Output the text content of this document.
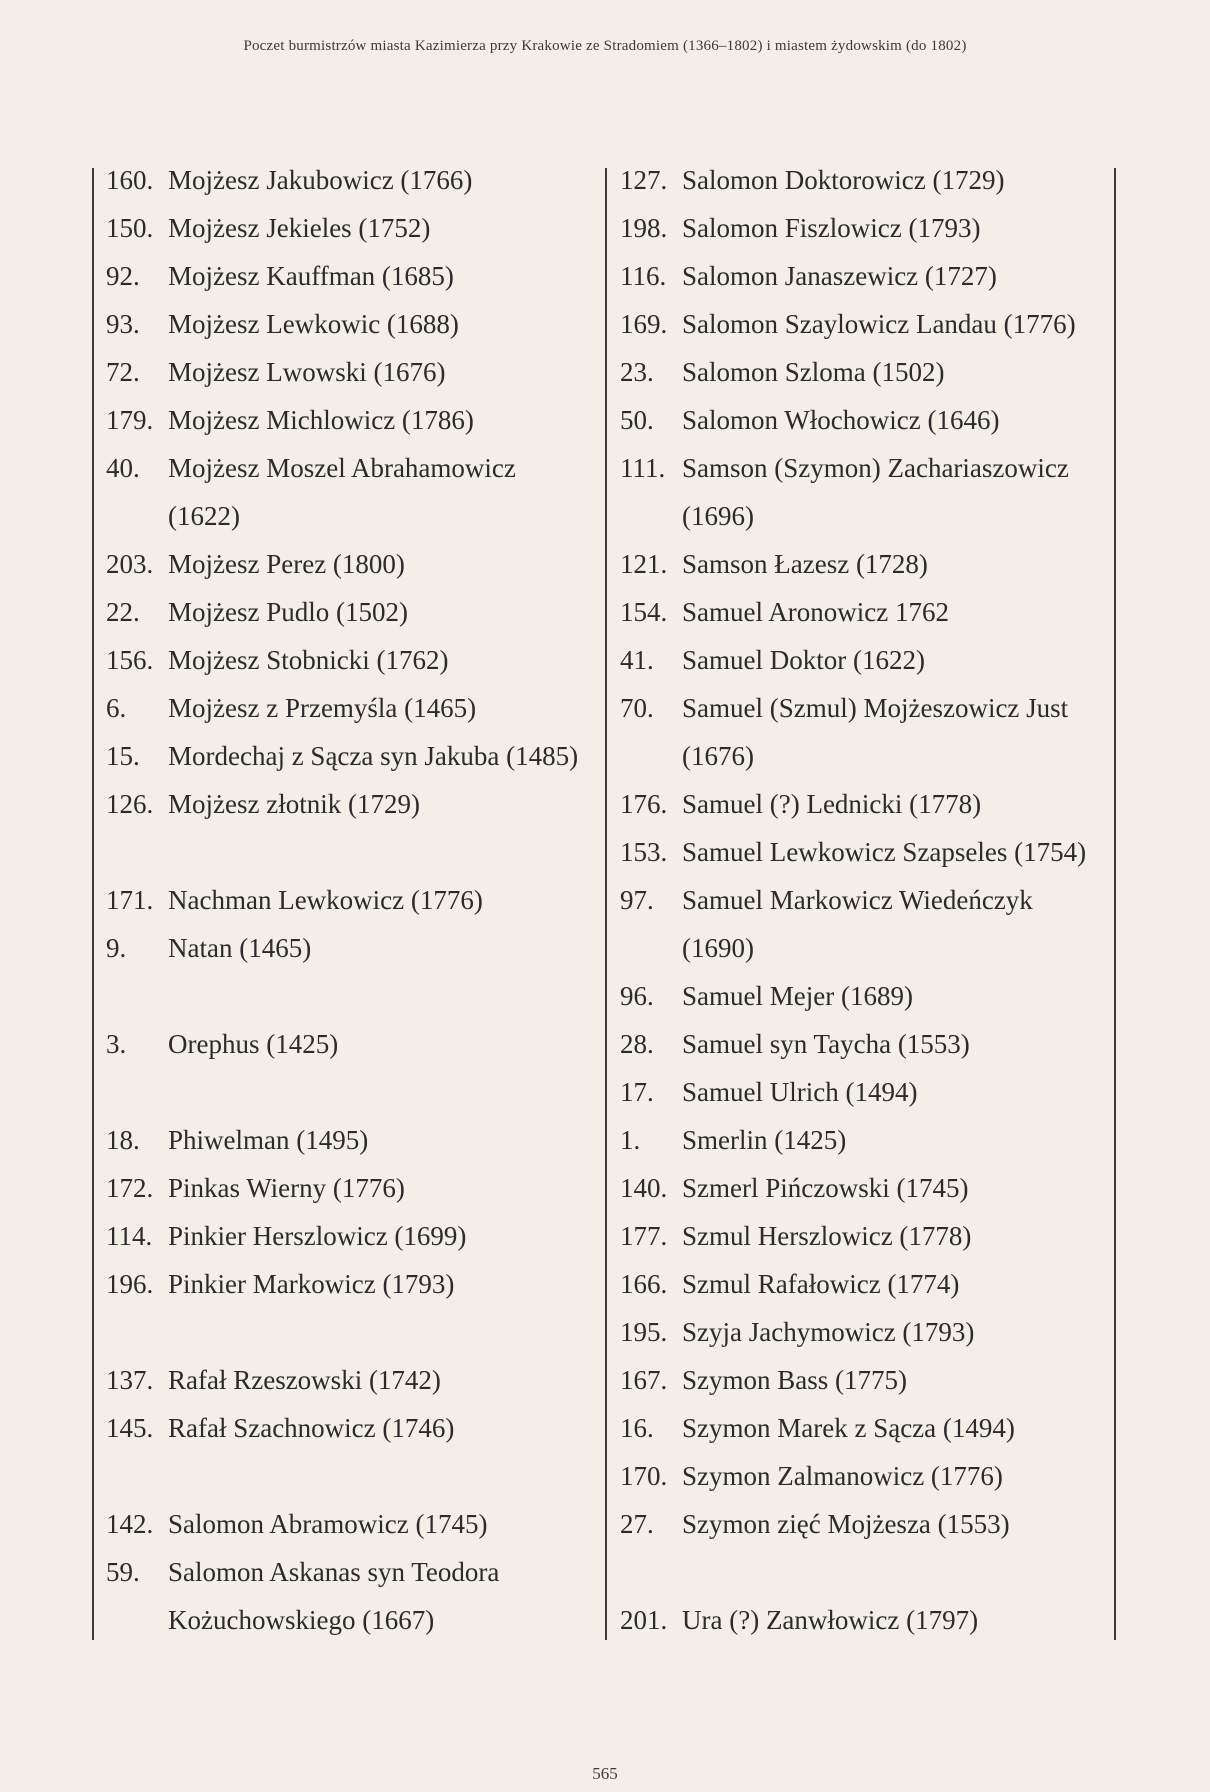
Poczet burmistrzów miasta Kazimierza przy Krakowie ze Stradomiem (1366–1802) i miastem żydowskim (do 1802)
160. Mojżesz Jakubowicz (1766)
150. Mojżesz Jekieles (1752)
92.	Mojżesz Kauffman (1685)
93.	Mojżesz Lewkowic (1688)
72.	Mojżesz Lwowski (1676)
179. Mojżesz Michlowicz (1786)
40.	Mojżesz Moszel Abrahamowicz
(1622)
203. Mojżesz Perez (1800)
22.	Mojżesz Pudlo (1502)
156. Mojżesz Stobnicki (1762)
6.	Mojżesz z Przemyśla (1465)
15.	Mordechaj z Sącza syn Jakuba (1485)
126. Mojżesz złotnik (1729)
171. Nachman Lewkowicz (1776)
9.	Natan (1465)
3.	Orephus (1425)
18.	Phiwelman (1495)
172. Pinkas Wierny (1776)
114. Pinkier Herszlowicz (1699)
196. Pinkier Markowicz (1793)
137. Rafał Rzeszowski (1742)
145. Rafał Szachnowicz (1746)
142. Salomon Abramowicz (1745)
59.	Salomon Askanas syn Teodora
Kożuchowskiego (1667)
127. Salomon Doktorowicz (1729)
198. Salomon Fiszlowicz (1793)
116. Salomon Janaszewicz (1727)
169. Salomon Szaylowicz Landau (1776)
23.	Salomon Szloma (1502)
50.	Salomon Włochowicz (1646)
111. Samson (Szymon) Zachariaszowicz
(1696)
121. Samson Łazesz (1728)
154. Samuel Aronowicz 1762
41.	Samuel Doktor (1622)
70.	Samuel (Szmul) Mojżeszowicz Just
(1676)
176. Samuel (?) Lednicki (1778)
153. Samuel Lewkowicz Szapseles (1754)
97.	Samuel Markowicz Wiedeńczyk
(1690)
96.	Samuel Mejer (1689)
28.	Samuel syn Taycha (1553)
17.	Samuel Ulrich (1494)
1.	Smerlin (1425)
140. Szmerl Pińczowski (1745)
177. Szmul Herszlowicz (1778)
166. Szmul Rafałowicz (1774)
195. Szyja Jachymowicz (1793)
167. Szymon Bass (1775)
16.	Szymon Marek z Sącza (1494)
170. Szymon Zalmanowicz (1776)
27.	Szymon zięć Mojżesza (1553)
201. Ura (?) Zanwłowicz (1797)
565
